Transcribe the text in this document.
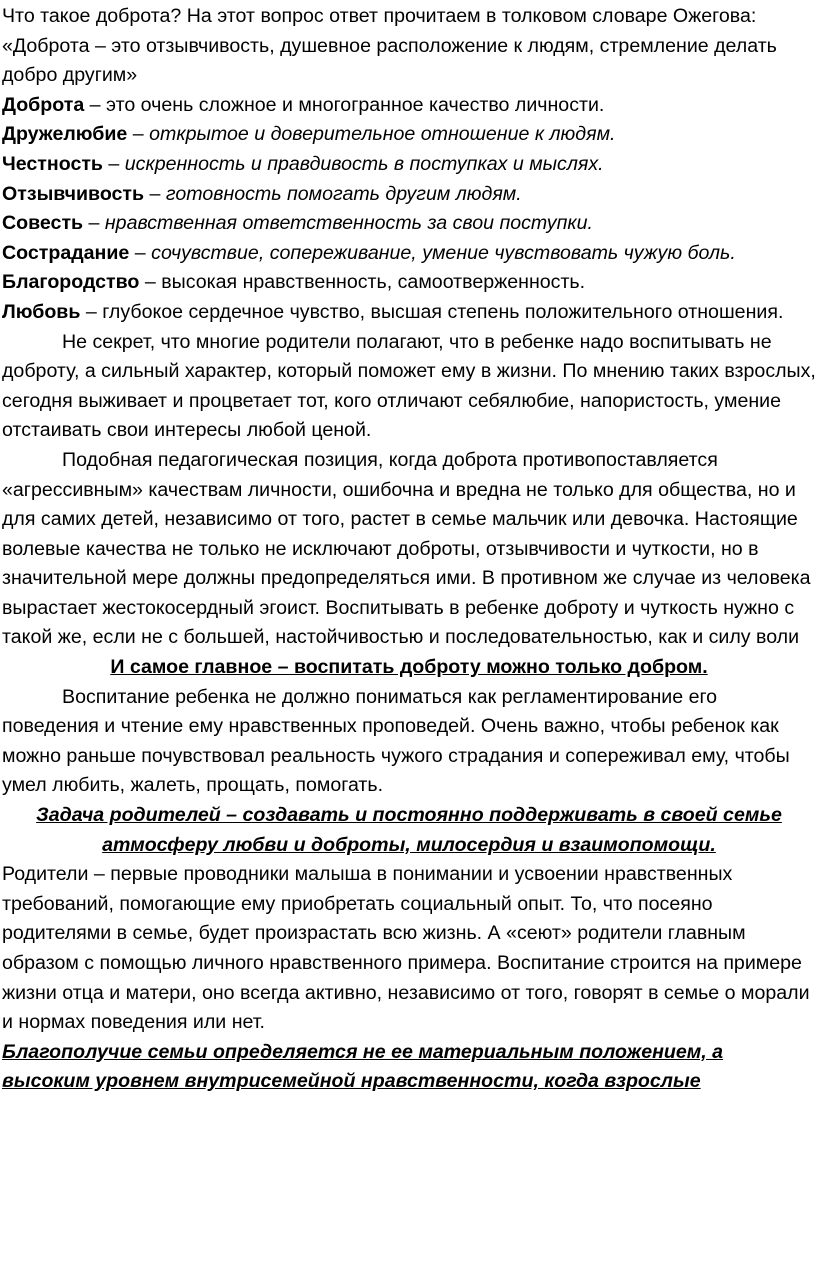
Что такое доброта? На этот вопрос ответ прочитаем в толковом словаре Ожегова: «Доброта – это отзывчивость, душевное расположение к людям, стремление делать добро другим»

Доброта – это очень сложное и многогранное качество личности.

Дружелюбие – открытое и доверительное отношение к людям.

Честность – искренность и правдивость в поступках и мыслях.

Отзывчивость – готовность помогать другим людям.

Совесть – нравственная ответственность за свои поступки.

Сострадание – сочувствие, сопереживание, умение чувствовать чужую боль.

Благородство – высокая нравственность, самоотверженность.

Любовь – глубокое сердечное чувство, высшая степень положительного отношения.

Не секрет, что многие родители полагают, что в ребенке надо воспитывать не доброту, а сильный характер, который поможет ему в жизни. По мнению таких взрослых, сегодня выживает и процветает тот, кого отличают себялюбие, напористость, умение отстаивать свои интересы любой ценой.

Подобная педагогическая позиция, когда доброта противопоставляется «агрессивным» качествам личности, ошибочна и вредна не только для общества, но и для самих детей, независимо от того, растет в семье мальчик или девочка. Настоящие волевые качества не только не исключают доброты, отзывчивости и чуткости, но в значительной мере должны предопределяться ими. В противном же случае из человека вырастает жестокосердный эгоист. Воспитывать в ребенке доброту и чуткость нужно с такой же, если не с большей, настойчивостью и последовательностью, как и силу воли

И самое главное – воспитать доброту можно только добром.

Воспитание ребенка не должно пониматься как регламентирование его поведения и чтение ему нравственных проповедей. Очень важно, чтобы ребенок как можно раньше почувствовал реальность чужого страдания и сопереживал ему, чтобы умел любить, жалеть, прощать, помогать.

Задача родителей – создавать и постоянно поддерживать в своей семье атмосферу любви и доброты, милосердия и взаимопомощи.

Родители – первые проводники малыша в понимании и усвоении нравственных требований, помогающие ему приобретать социальный опыт. То, что посеяно родителями в семье, будет произрастать всю жизнь. А «сеют» родители главным образом с помощью личного нравственного примера. Воспитание строится на примере жизни отца и матери, оно всегда активно, независимо от того, говорят в семье о морали и нормах поведения или нет.

Благополучие семьи определяется не ее материальным положением, а высоким уровнем внутрисемейной нравственности, когда взрослые
